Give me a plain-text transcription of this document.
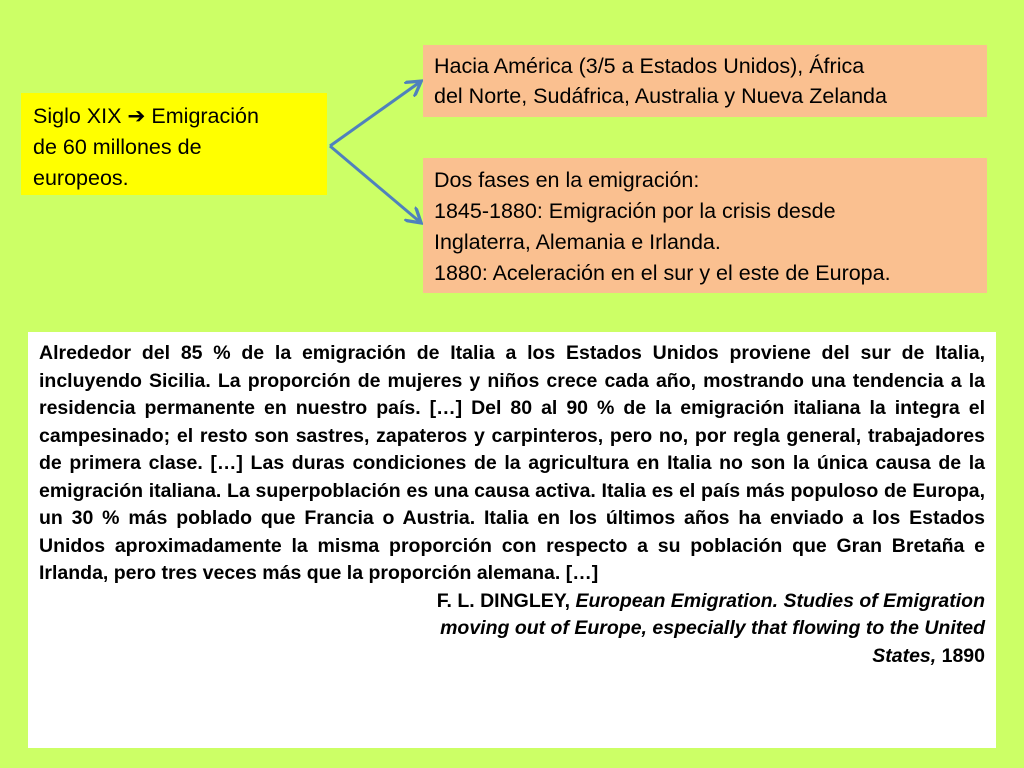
Siglo XIX ➔ Emigración
de 60 millones de
europeos.
Hacia América (3/5 a Estados Unidos), África
del Norte, Sudáfrica, Australia y Nueva Zelanda
Dos fases en la emigración:
1845-1880: Emigración por la crisis desde
Inglaterra, Alemania e Irlanda.
1880: Aceleración en el sur y el este de Europa.

Alrededor del 85 % de la emigración de Italia a los Estados Unidos proviene del sur de Italia, incluyendo Sicilia. La proporción de mujeres y niños crece cada año, mostrando una tendencia a la residencia permanente en nuestro país. […] Del 80 al 90 % de la emigración italiana la integra el campesinado; el resto son sastres, zapateros y carpinteros, pero no, por regla general, trabajadores de primera clase. […] Las duras condiciones de la agricultura en Italia no son la única causa de la emigración italiana. La superpoblación es una causa activa. Italia es el país más populoso de Europa, un 30 % más poblado que Francia o Austria. Italia en los últimos años ha enviado a los Estados Unidos aproximadamente la misma proporción con respecto a su población que Gran Bretaña e Irlanda, pero tres veces más que la proporción alemana. […]

F. L. DINGLEY, European Emigration. Studies of Emigration
moving out of Europe, especially that flowing to the United
States, 1890
